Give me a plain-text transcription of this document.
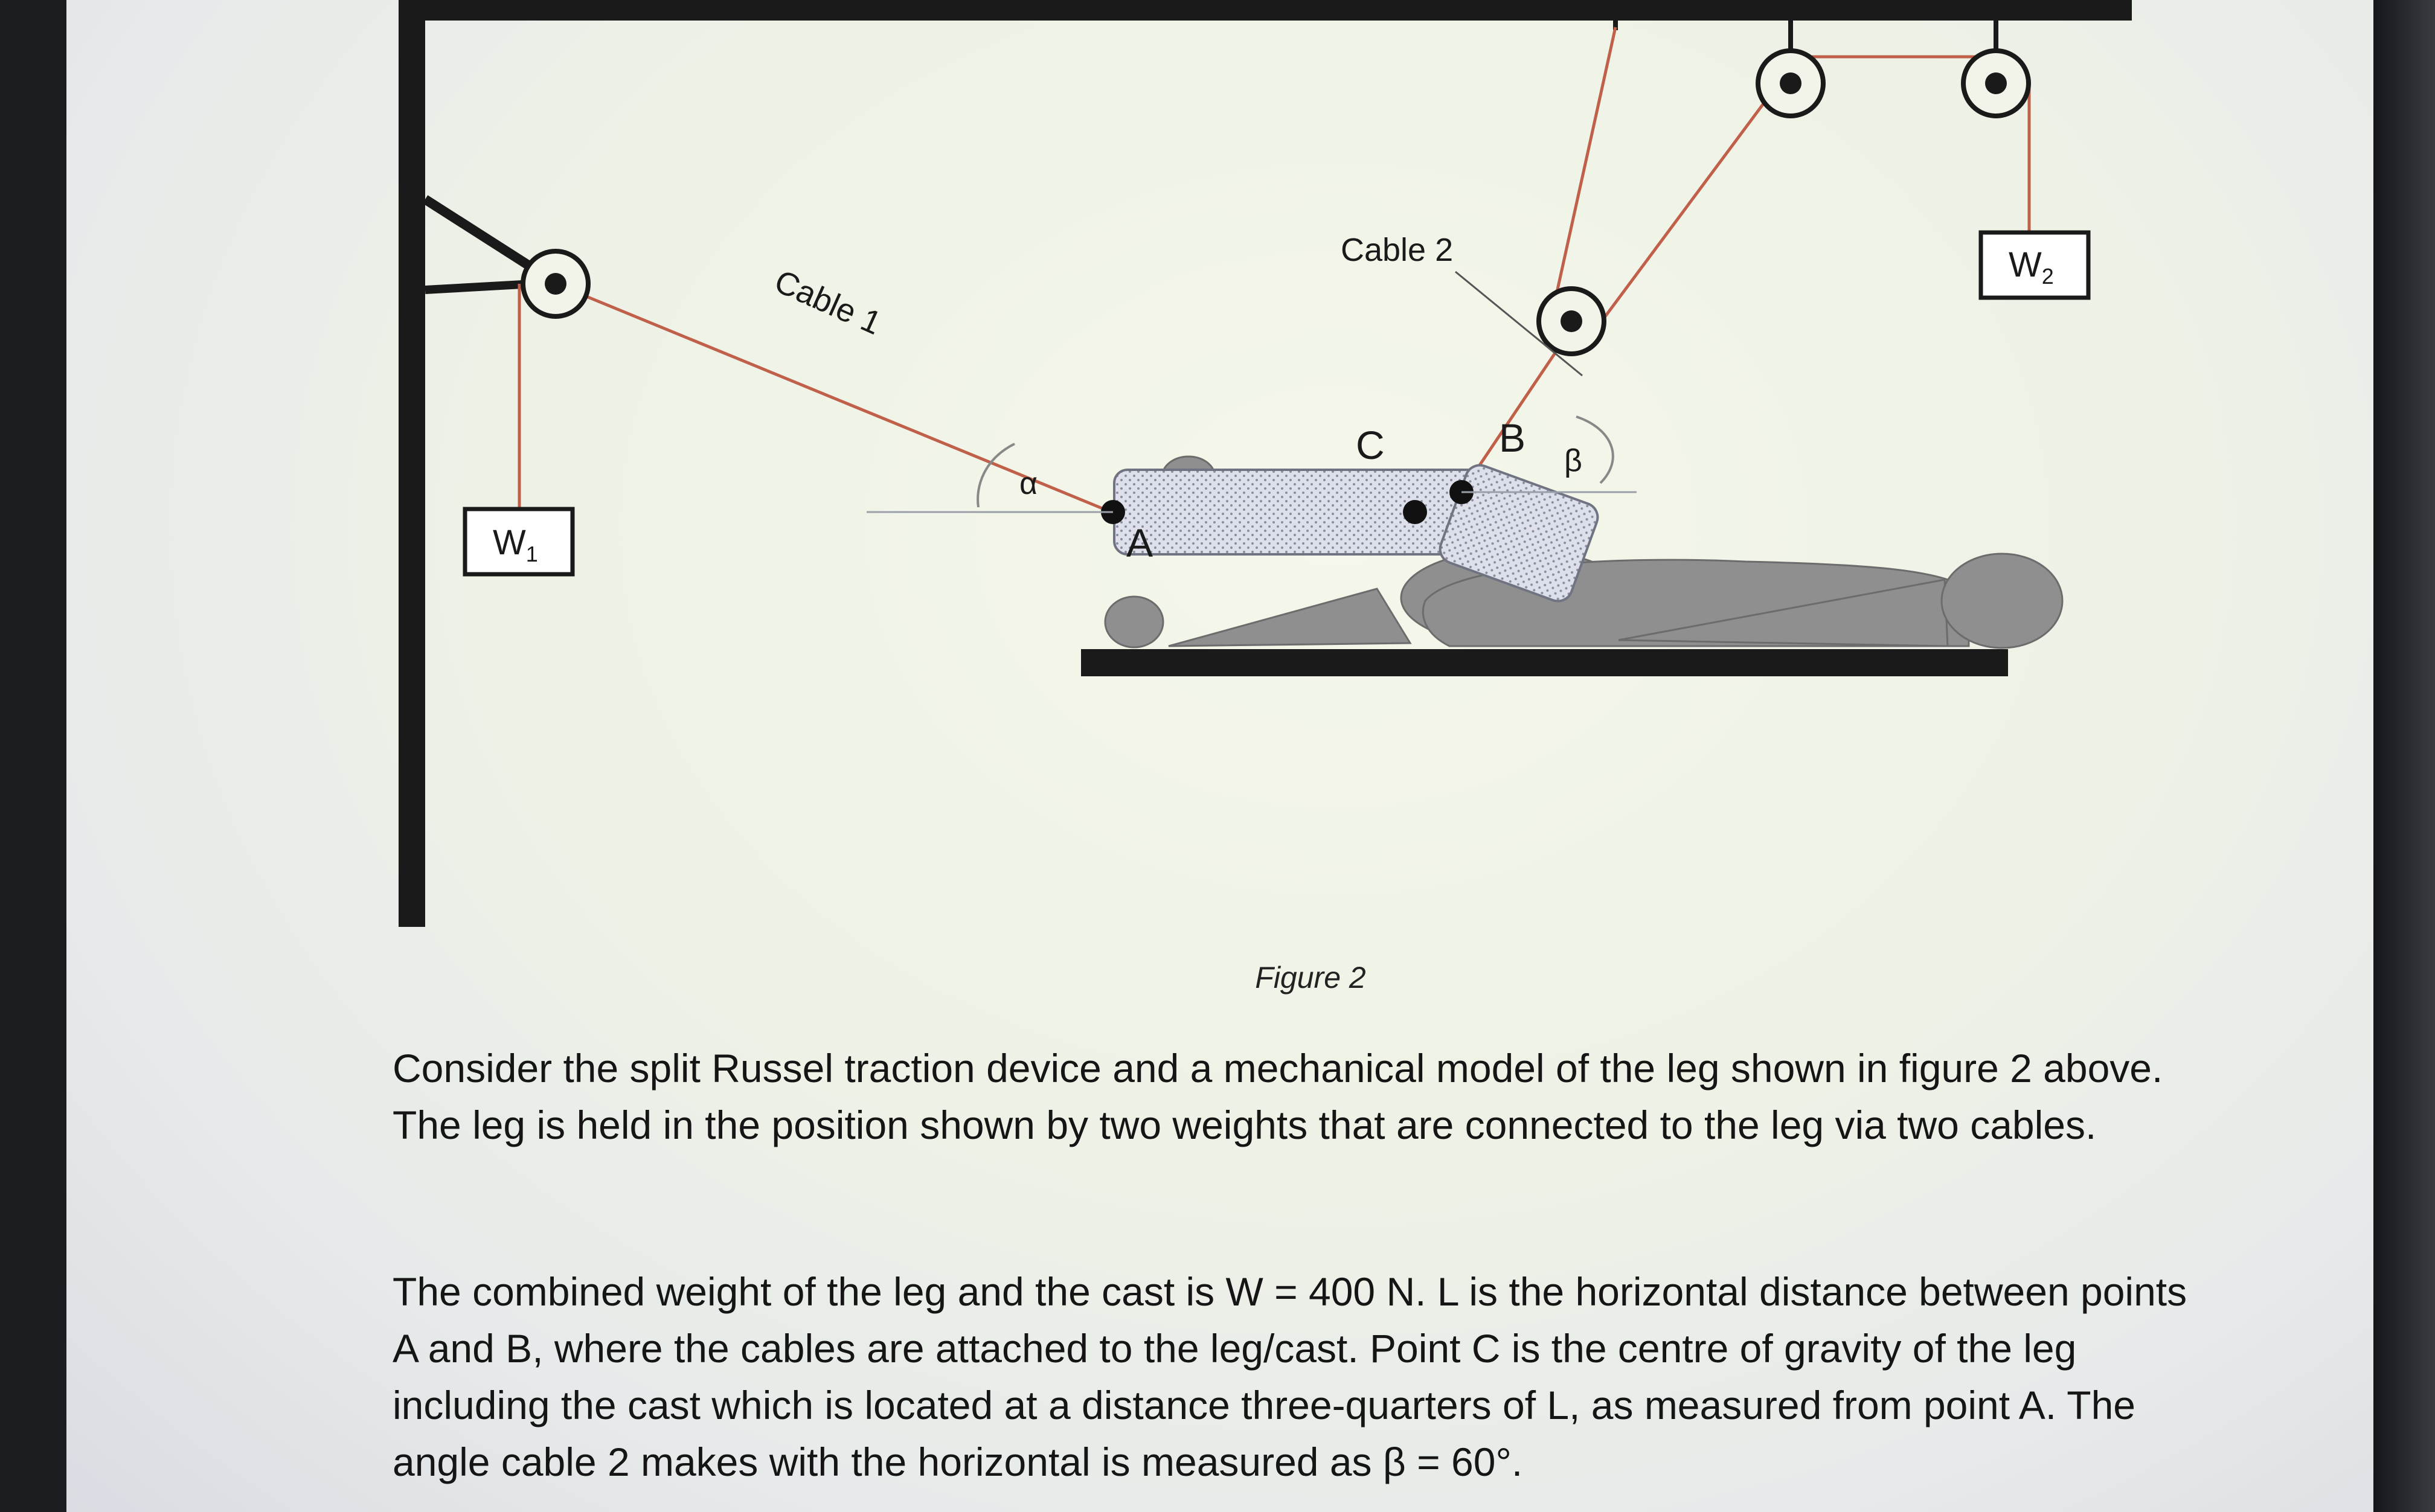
$W_1$
$W_2$
Cable 1
Cable 2
α
β
A
B
C
Figure 2
Consider the split Russel traction device and a mechanical model of the leg shown in figure 2 above. The leg is held in the position shown by two weights that are connected to the leg via two cables.
The combined weight of the leg and the cast is W = 400 N. L is the horizontal distance between points A and B, where the cables are attached to the leg/cast. Point C is the centre of gravity of the leg including the cast which is located at a distance three-quarters of L, as measured from point A. The angle cable 2 makes with the horizontal is measured as β = 60°.
